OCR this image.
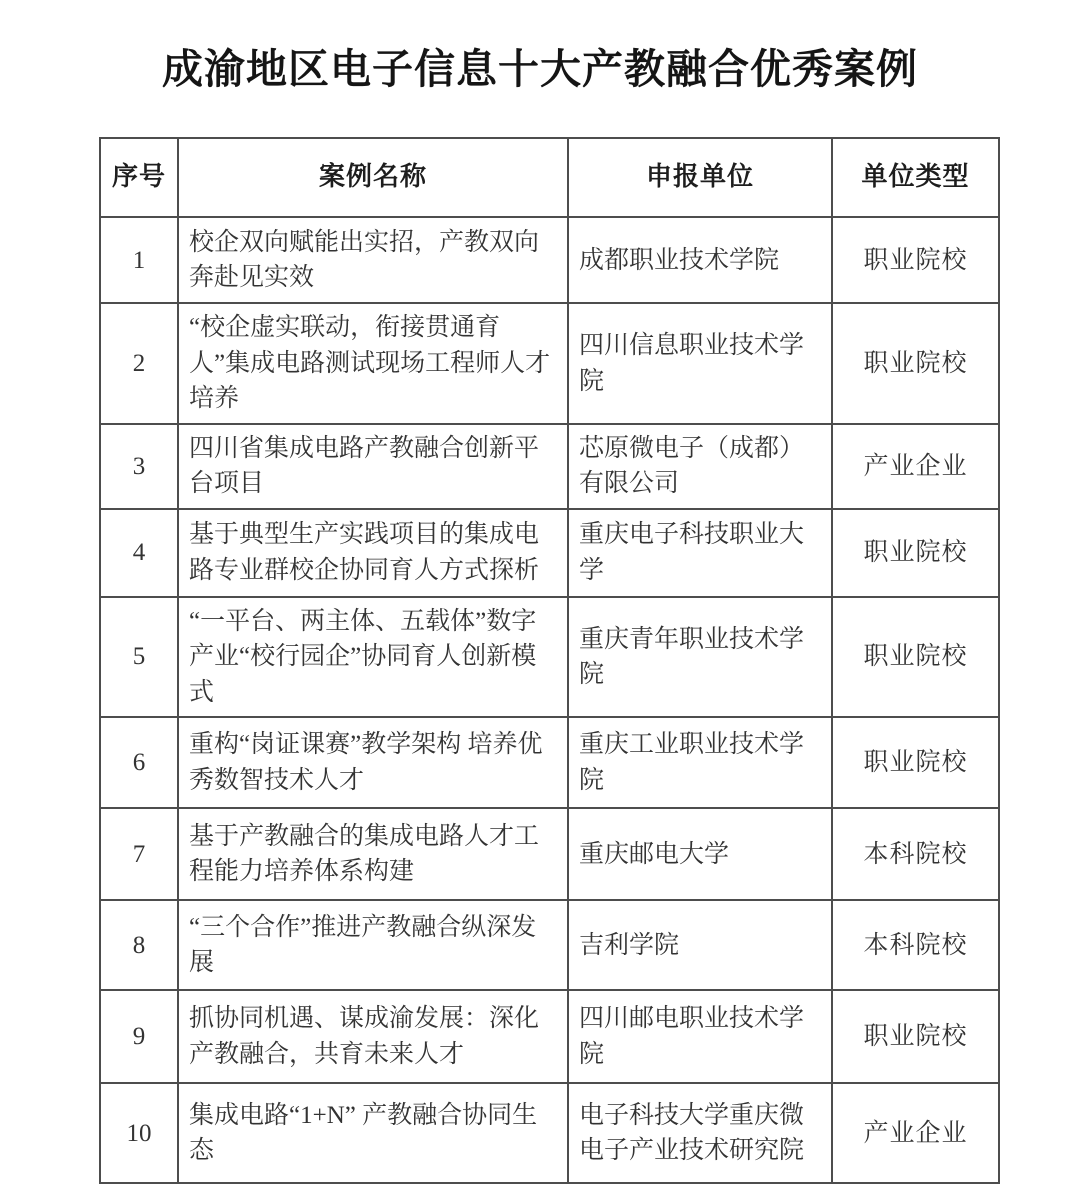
成渝地区电子信息十大产教融合优秀案例
序号	案例名称	申报单位	单位类型
1	校企双向赋能出实招，产教双向奔赴见实效	成都职业技术学院	职业院校
2	“校企虚实联动，衔接贯通育人”集成电路测试现场工程师人才培养	四川信息职业技术学院	职业院校
3	四川省集成电路产教融合创新平台项目	芯原微电子（成都）有限公司	产业企业
4	基于典型生产实践项目的集成电路专业群校企协同育人方式探析	重庆电子科技职业大学	职业院校
5	“一平台、两主体、五载体”数字产业“校行园企”协同育人创新模式	重庆青年职业技术学院	职业院校
6	重构“岗证课赛”教学架构 培养优秀数智技术人才	重庆工业职业技术学院	职业院校
7	基于产教融合的集成电路人才工程能力培养体系构建	重庆邮电大学	本科院校
8	“三个合作”推进产教融合纵深发展	吉利学院	本科院校
9	抓协同机遇、谋成渝发展：深化产教融合，共育未来人才	四川邮电职业技术学院	职业院校
10	集成电路“1+N” 产教融合协同生态	电子科技大学重庆微电子产业技术研究院	产业企业
